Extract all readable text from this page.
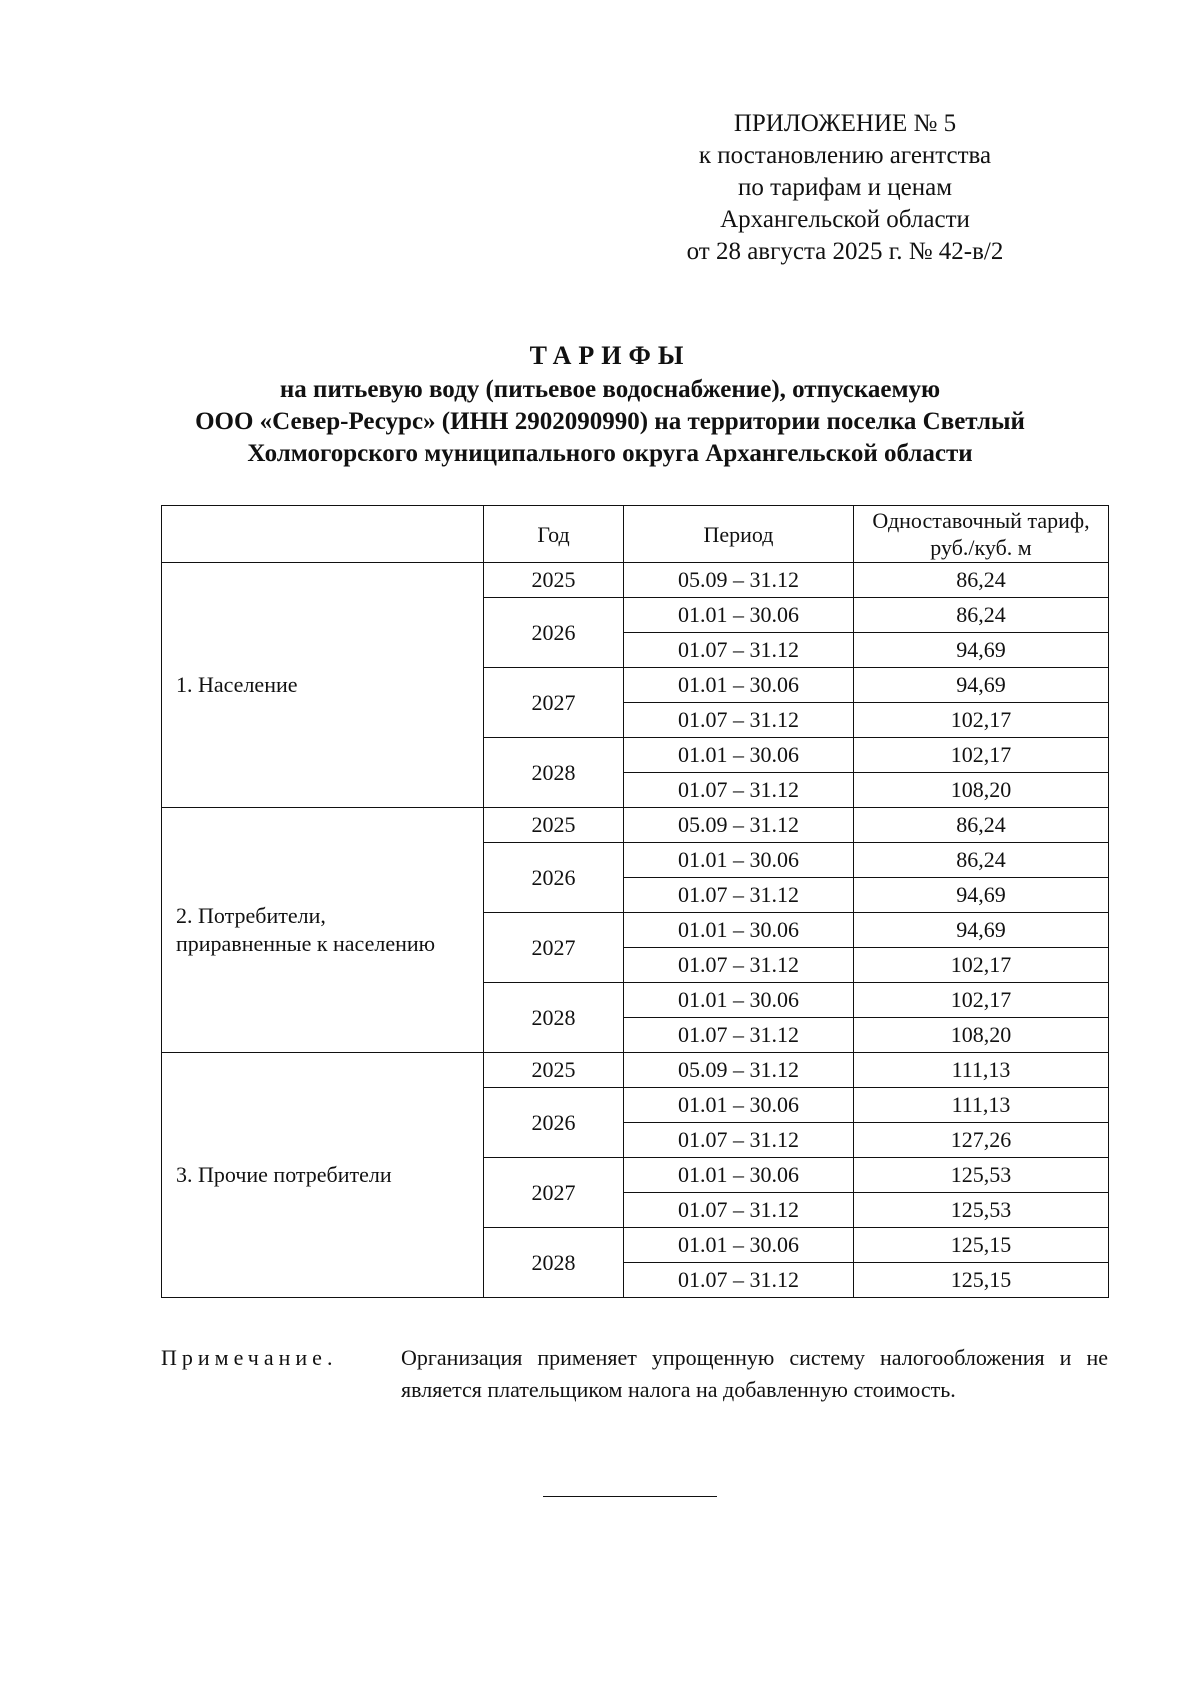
ПРИЛОЖЕНИЕ № 5
к постановлению агентства
по тарифам и ценам
Архангельской области
от 28 августа 2025 г. № 42-в/2
ТАРИФЫ
на питьевую воду (питьевое водоснабжение), отпускаемую
ООО «Север-Ресурс» (ИНН 2902090990) на территории поселка Светлый
Холмогорского муниципального округа Архангельской области
	Год	Период	Одноставочный тариф,
руб./куб. м

1. Население	2025	05.09 – 31.12	86,24
	2026	01.01 – 30.06	86,24
		01.07 – 31.12	94,69
	2027	01.01 – 30.06	94,69
		01.07 – 31.12	102,17
	2028	01.01 – 30.06	102,17
		01.07 – 31.12	108,20

2. Потребители,
приравненные к населению	2025	05.09 – 31.12	86,24
	2026	01.01 – 30.06	86,24
		01.07 – 31.12	94,69
	2027	01.01 – 30.06	94,69
		01.07 – 31.12	102,17
	2028	01.01 – 30.06	102,17
		01.07 – 31.12	108,20

3. Прочие потребители	2025	05.09 – 31.12	111,13
	2026	01.01 – 30.06	111,13
		01.07 – 31.12	127,26
	2027	01.01 – 30.06	125,53
		01.07 – 31.12	125,53
	2028	01.01 – 30.06	125,15
		01.07 – 31.12	125,15
Примечание.	Организация применяет упрощенную систему налогообложения и не является плательщиком налога на добавленную стоимость.
